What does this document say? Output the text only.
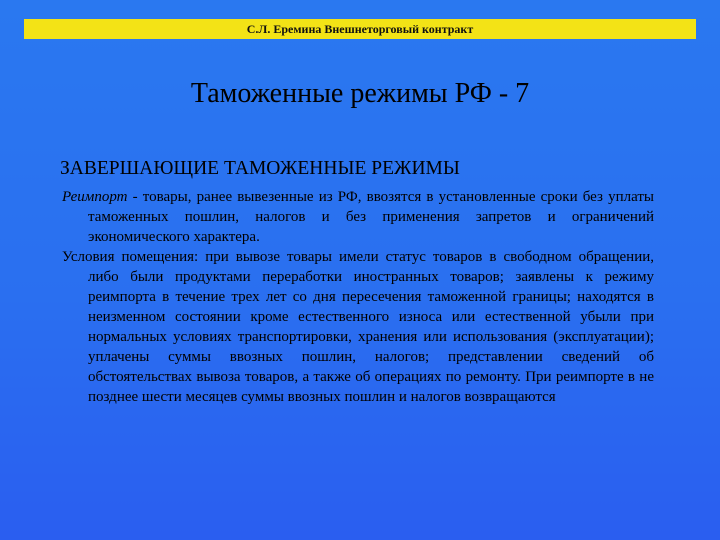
С.Л. Еремина Внешнеторговый контракт
Таможенные режимы РФ - 7
ЗАВЕРШАЮЩИЕ ТАМОЖЕННЫЕ РЕЖИМЫ

Реимпорт - товары, ранее вывезенные из РФ, ввозятся в установленные сроки без уплаты таможенных пошлин, налогов и без применения запретов и ограничений экономического характера.

Условия помещения: при вывозе товары имели статус товаров в свободном обращении, либо были продуктами переработки иностранных товаров; заявлены к режиму реимпорта в течение трех лет со дня пересечения таможенной границы; находятся в неизменном состоянии кроме естественного износа или естественной убыли при нормальных условиях транспортировки, хранения или использования (эксплуатации); уплачены суммы ввозных пошлин, налогов; представлении сведений об обстоятельствах вывоза товаров, а также об операциях по ремонту. При реимпорте в не позднее шести месяцев суммы ввозных пошлин и налогов возвращаются
